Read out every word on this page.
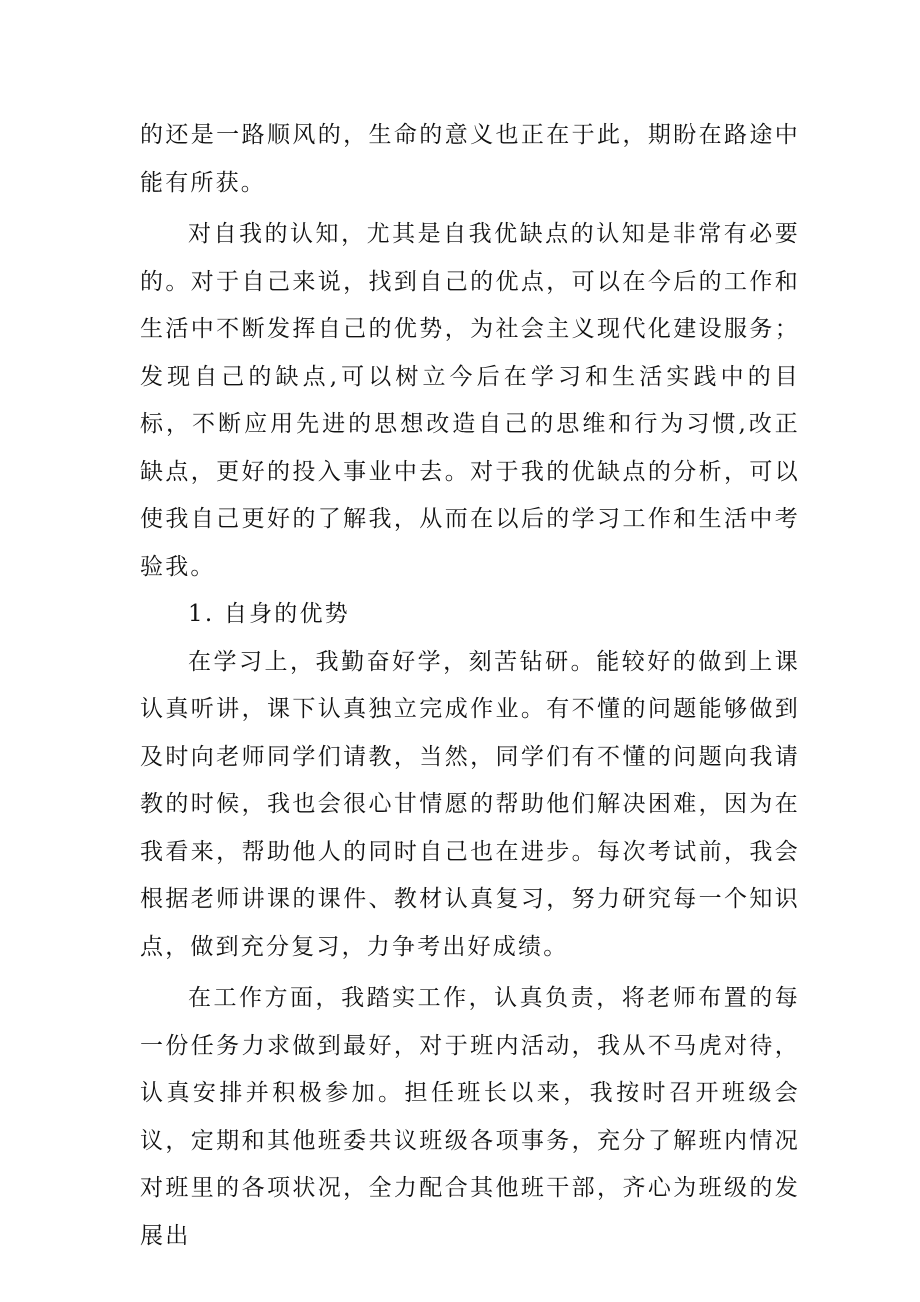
的还是一路顺风的，生命的意义也正在于此，期盼在路途中能有所获。

对自我的认知，尤其是自我优缺点的认知是非常有必要的。对于自己来说，找到自己的优点，可以在今后的工作和生活中不断发挥自己的优势，为社会主义现代化建设服务；发现自己的缺点,可以树立今后在学习和生活实践中的目标，不断应用先进的思想改造自己的思维和行为习惯,改正缺点，更好的投入事业中去。对于我的优缺点的分析，可以使我自己更好的了解我，从而在以后的学习工作和生活中考验我。

1. 自身的优势

在学习上，我勤奋好学，刻苦钻研。能较好的做到上课认真听讲，课下认真独立完成作业。有不懂的问题能够做到及时向老师同学们请教，当然，同学们有不懂的问题向我请教的时候，我也会很心甘情愿的帮助他们解决困难，因为在我看来，帮助他人的同时自己也在进步。每次考试前，我会根据老师讲课的课件、教材认真复习，努力研究每一个知识点，做到充分复习，力争考出好成绩。

在工作方面，我踏实工作，认真负责，将老师布置的每一份任务力求做到最好，对于班内活动，我从不马虎对待，认真安排并积极参加。担任班长以来，我按时召开班级会议，定期和其他班委共议班级各项事务，充分了解班内情况对班里的各项状况，全力配合其他班干部，齐心为班级的发展出
